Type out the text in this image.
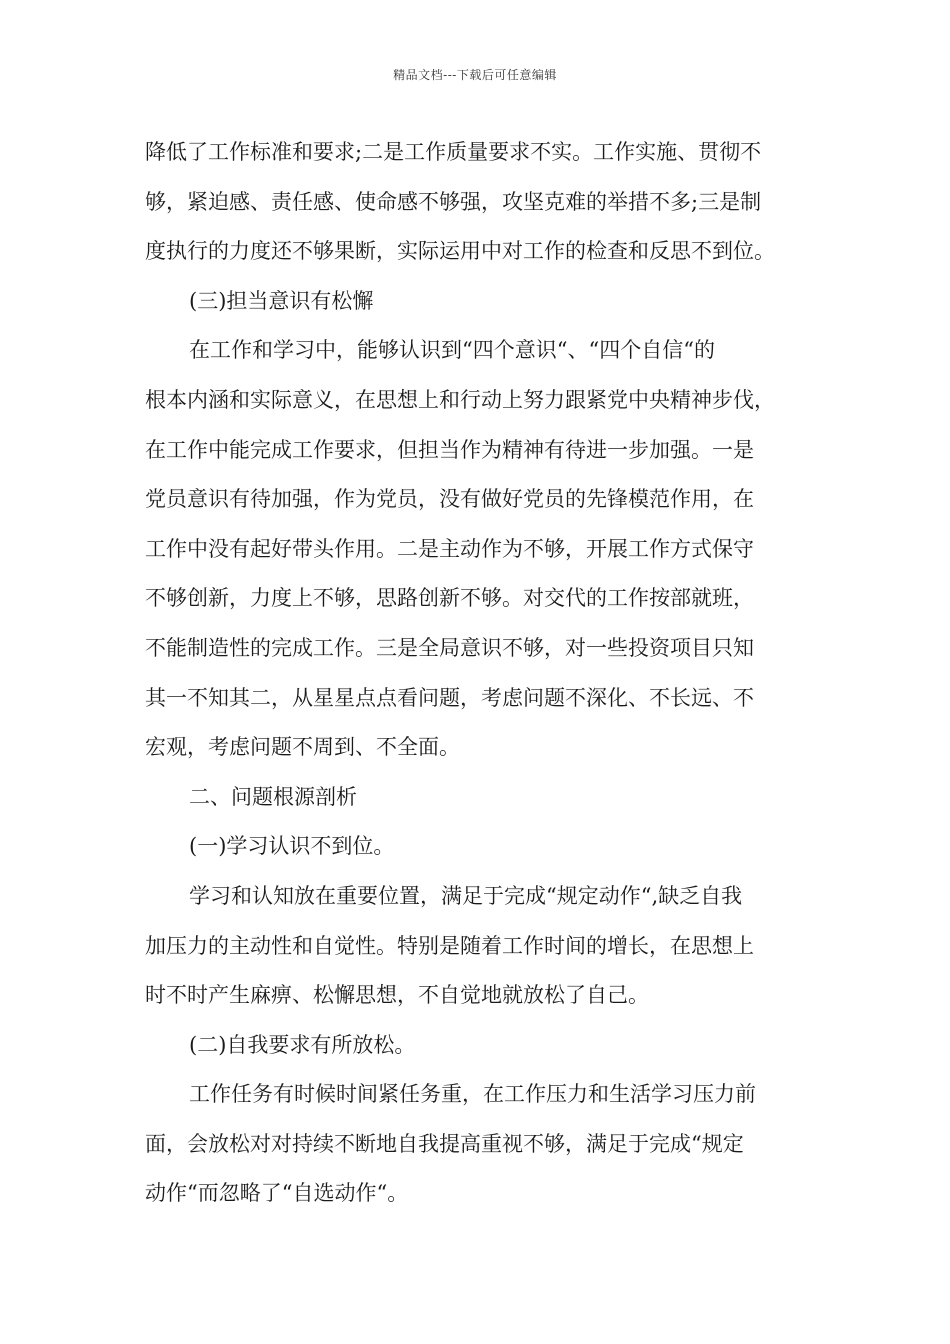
精品文档---下载后可任意编辑
降低了工作标准和要求;二是工作质量要求不实。工作实施、贯彻不
够，紧迫感、责任感、使命感不够强，攻坚克难的举措不多;三是制
度执行的力度还不够果断，实际运用中对工作的检查和反思不到位。
(三)担当意识有松懈
在工作和学习中，能够认识到“四个意识“、“四个自信“的
根本内涵和实际意义，在思想上和行动上努力跟紧党中央精神步伐，
在工作中能完成工作要求，但担当作为精神有待进一步加强。一是
党员意识有待加强，作为党员，没有做好党员的先锋模范作用，在
工作中没有起好带头作用。二是主动作为不够，开展工作方式保守
不够创新，力度上不够，思路创新不够。对交代的工作按部就班，
不能制造性的完成工作。三是全局意识不够，对一些投资项目只知
其一不知其二，从星星点点看问题，考虑问题不深化、不长远、不
宏观，考虑问题不周到、不全面。
二、问题根源剖析
(一)学习认识不到位。
学习和认知放在重要位置，满足于完成“规定动作“,缺乏自我
加压力的主动性和自觉性。特别是随着工作时间的增长，在思想上
时不时产生麻痹、松懈思想，不自觉地就放松了自己。
(二)自我要求有所放松。
工作任务有时候时间紧任务重，在工作压力和生活学习压力前
面，会放松对对持续不断地自我提高重视不够，满足于完成“规定
动作“而忽略了“自选动作“。
